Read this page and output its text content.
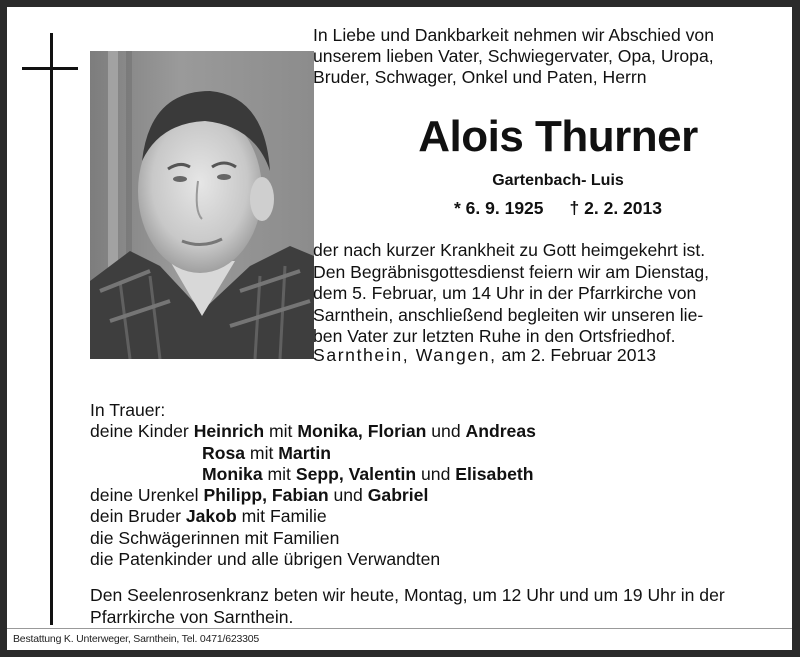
In Liebe und Dankbarkeit nehmen wir Abschied von
unserem lieben Vater, Schwiegervater, Opa, Uropa,
Bruder, Schwager, Onkel und Paten, Herrn
Alois Thurner
Gartenbach- Luis
* 6. 9. 1925 † 2. 2. 2013
der nach kurzer Krankheit zu Gott heimgekehrt ist.
Den Begräbnisgottesdienst feiern wir am Dienstag,
dem 5. Februar, um 14 Uhr in der Pfarrkirche von
Sarnthein, anschließend begleiten wir unseren lie-
ben Vater zur letzten Ruhe in den Ortsfriedhof.
Sarnthein, Wangen, am 2. Februar 2013
In Trauer:
deine Kinder Heinrich mit Monika, Florian und Andreas
Rosa mit Martin
Monika mit Sepp, Valentin und Elisabeth
deine Urenkel Philipp, Fabian und Gabriel
dein Bruder Jakob mit Familie
die Schwägerinnen mit Familien
die Patenkinder und alle übrigen Verwandten
Den Seelenrosenkranz beten wir heute, Montag, um 12 Uhr und um 19 Uhr in der
Pfarrkirche von Sarnthein.
Bestattung K. Unterweger, Sarnthein, Tel. 0471/623305
